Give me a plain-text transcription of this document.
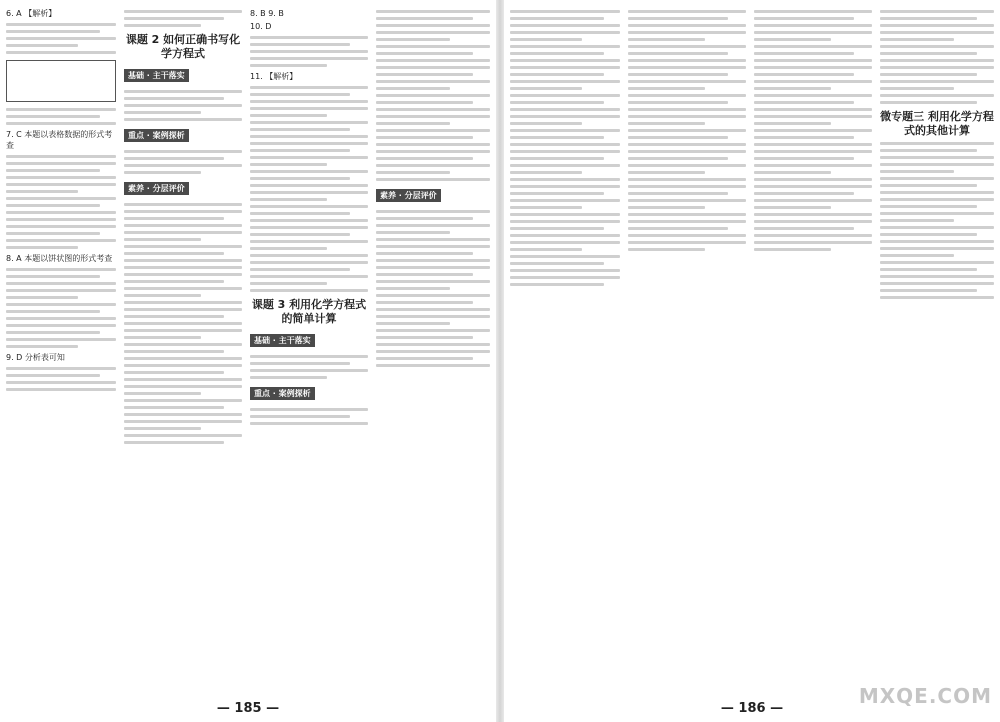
6. A 【解析】
7. C 本题以表格数据的形式考查
8. A 本题以饼状图的形式考查
9. D 分析表可知
课题 2 如何正确书写化学方程式
基础 · 主干落实
重点 · 案例探析
素养 · 分层评价
8. B 9. B
10. D
11. 【解析】
课题 3 利用化学方程式的简单计算
基础 · 主干落实
重点 · 案例探析
素养 · 分层评价
— 185 —
微专题三 利用化学方程式的其他计算
— 186 —
MXQE.COM
